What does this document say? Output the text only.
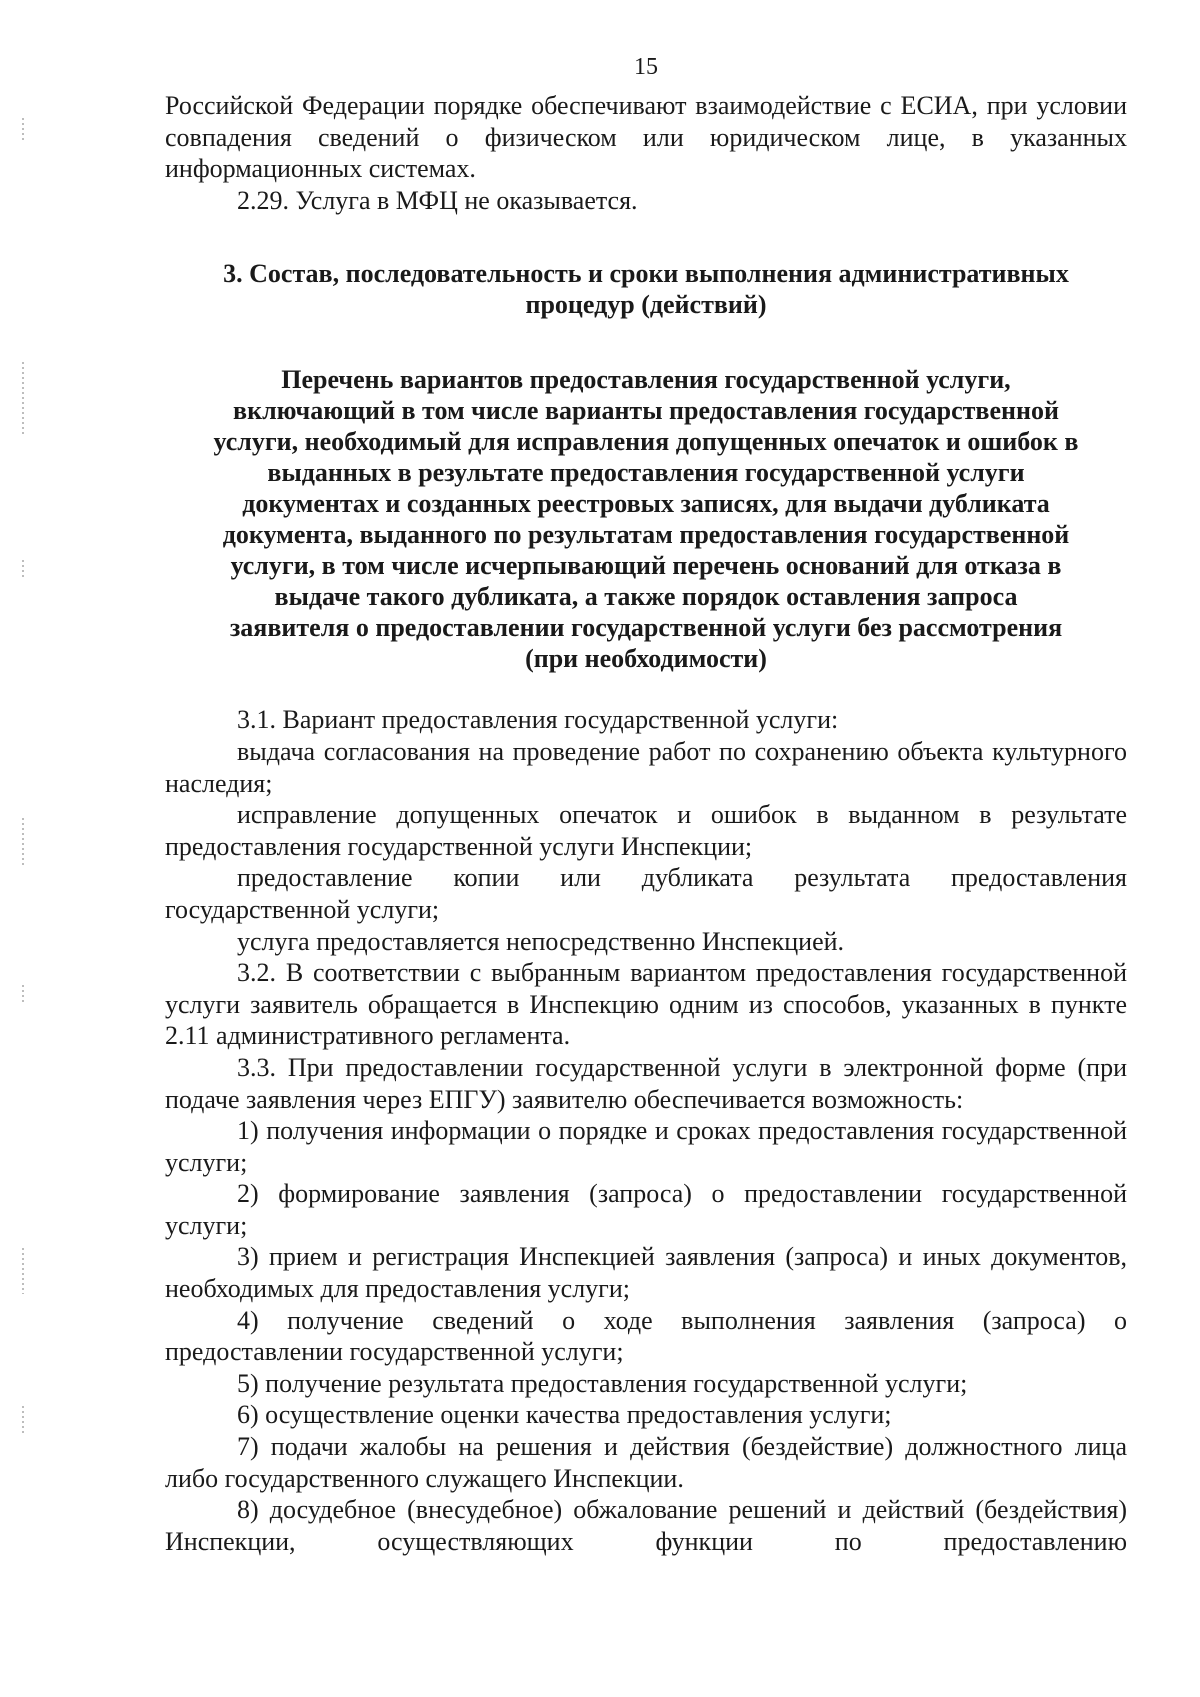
15

Российской Федерации порядке обеспечивают взаимодействие с ЕСИА, при условии совпадения сведений о физическом или юридическом лице, в указанных информационных системах.

2.29. Услуга в МФЦ не оказывается.

3. Состав, последовательность и сроки выполнения административных
процедур (действий)
Перечень вариантов предоставления государственной услуги,
включающий в том числе варианты предоставления государственной
услуги, необходимый для исправления допущенных опечаток и ошибок в
выданных в результате предоставления государственной услуги
документах и созданных реестровых записях, для выдачи дубликата
документа, выданного по результатам предоставления государственной
услуги, в том числе исчерпывающий перечень оснований для отказа в
выдаче такого дубликата, а также порядок оставления запроса
заявителя о предоставлении государственной услуги без рассмотрения
(при необходимости)

3.1. Вариант предоставления государственной услуги:

выдача согласования на проведение работ по сохранению объекта культурного наследия;

исправление допущенных опечаток и ошибок в выданном в результате предоставления государственной услуги Инспекции;

предоставление копии или дубликата результата предоставления государственной услуги;

услуга предоставляется непосредственно Инспекцией.

3.2. В соответствии с выбранным вариантом предоставления государственной услуги заявитель обращается в Инспекцию одним из способов, указанных в пункте 2.11 административного регламента.

3.3. При предоставлении государственной услуги в электронной форме (при подаче заявления через ЕПГУ) заявителю обеспечивается возможность:

1) получения информации о порядке и сроках предоставления государственной услуги;

2) формирование заявления (запроса) о предоставлении государственной услуги;

3) прием и регистрация Инспекцией заявления (запроса) и иных документов, необходимых для предоставления услуги;

4) получение сведений о ходе выполнения заявления (запроса) о предоставлении государственной услуги;

5) получение результата предоставления государственной услуги;

6) осуществление оценки качества предоставления услуги;

7) подачи жалобы на решения и действия (бездействие) должностного лица либо государственного служащего Инспекции.

8) досудебное (внесудебное) обжалование решений и действий (бездействия) Инспекции, осуществляющих функции по предоставлению
